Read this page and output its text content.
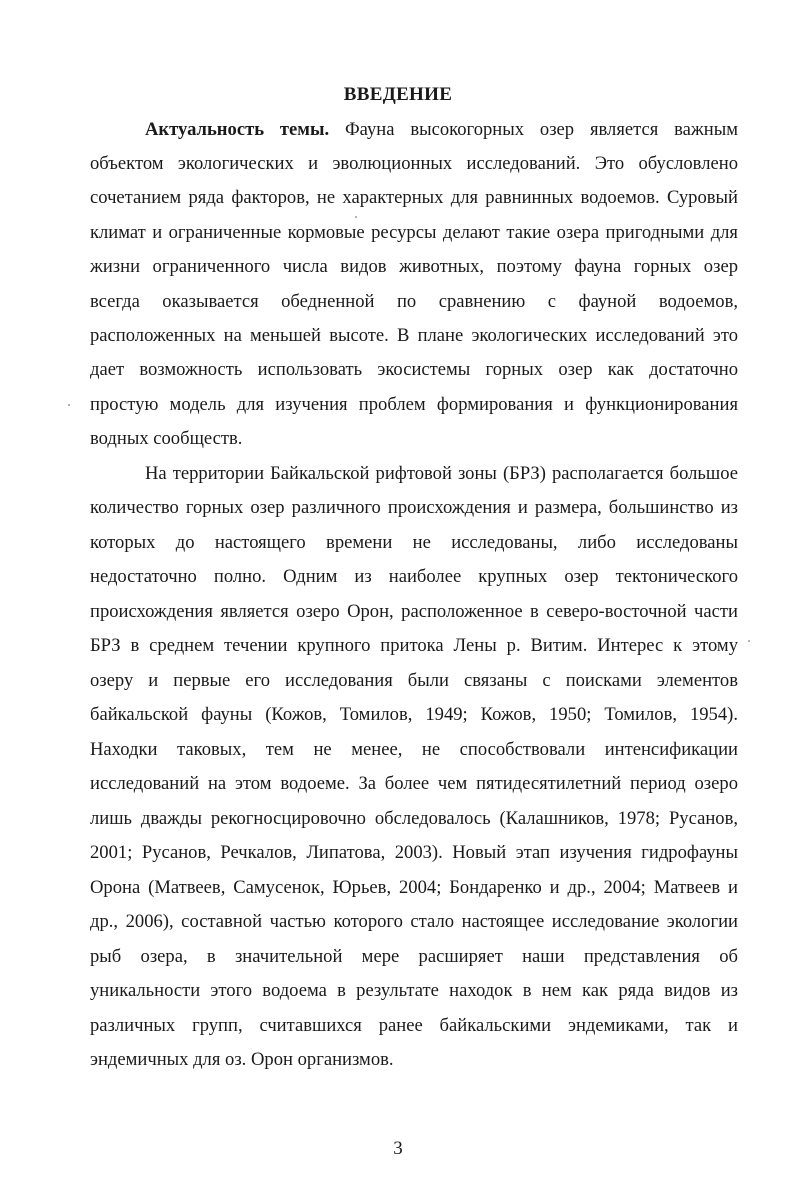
ВВЕДЕНИЕ

Актуальность темы. Фауна высокогорных озер является важным

объектом экологических и эволюционных исследований. Это обусловлено

сочетанием ряда факторов, не характерных для равнинных водоемов. Суровый

климат и ограниченные кормовые ресурсы делают такие озера пригодными для

жизни ограниченного числа видов животных, поэтому фауна горных озер

всегда оказывается обедненной по сравнению с фауной водоемов,

расположенных на меньшей высоте. В плане экологических исследований это

дает возможность использовать экосистемы горных озер как достаточно

простую модель для изучения проблем формирования и функционирования

водных сообществ.

На территории Байкальской рифтовой зоны (БРЗ) располагается большое

количество горных озер различного происхождения и размера, большинство из

которых до настоящего времени не исследованы, либо исследованы

недостаточно полно. Одним из наиболее крупных озер тектонического

происхождения является озеро Орон, расположенное в северо-восточной части

БРЗ в среднем течении крупного притока Лены р. Витим. Интерес к этому

озеру и первые его исследования были связаны с поисками элементов

байкальской фауны (Кожов, Томилов, 1949; Кожов, 1950; Томилов, 1954).

Находки таковых, тем не менее, не способствовали интенсификации

исследований на этом водоеме. За более чем пятидесятилетний период озеро

лишь дважды рекогносцировочно обследовалось (Калашников, 1978; Русанов,

2001; Русанов, Речкалов, Липатова, 2003). Новый этап изучения гидрофауны

Орона (Матвеев, Самусенок, Юрьев, 2004; Бондаренко и др., 2004; Матвеев и

др., 2006), составной частью которого стало настоящее исследование экологии

рыб озера, в значительной мере расширяет наши представления об

уникальности этого водоема в результате находок в нем как ряда видов из

различных групп, считавшихся ранее байкальскими эндемиками, так и

эндемичных для оз. Орон организмов.

3
